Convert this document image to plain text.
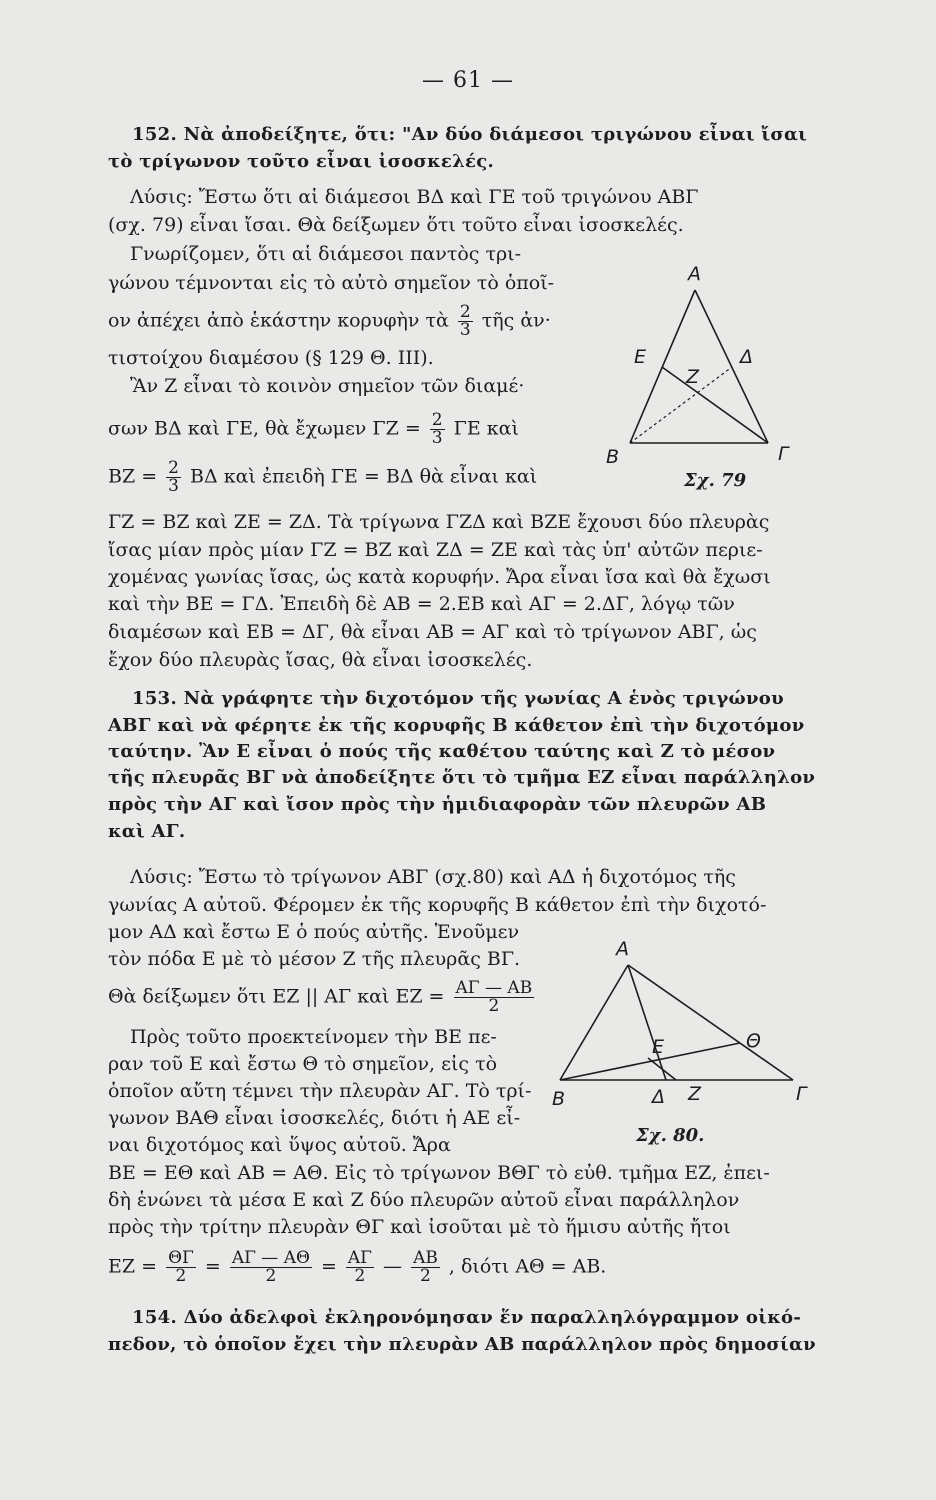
— 61 —
152. Νὰ ἀποδείξητε, ὅτι: "Αν δύο διάμεσοι τριγώνου εἶναι ἴσαι
τὸ τρίγωνον τοῦτο εἶναι ἰσοσκελές.
Λύσις: Ἔστω ὅτι αἱ διάμεσοι ΒΔ καὶ ΓΕ τοῦ τριγώνου ΑΒΓ
(σχ. 79) εἶναι ἴσαι. Θὰ δείξωμεν ὅτι τοῦτο εἶναι ἰσοσκελές.
Γνωρίζομεν, ὅτι αἱ διάμεσοι παντὸς τρι-
γώνου τέμνονται εἰς τὸ αὐτὸ σημεῖον τὸ ὁποῖ-
ον ἀπέχει ἀπὸ ἑκάστην κορυφὴν τὰ $\frac{2}{3}$ τῆς ἀν·
τιστοίχου διαμέσου (§ 129 Θ. ΙΙΙ).
Ἂν Ζ εἶναι τὸ κοινὸν σημεῖον τῶν διαμέ·
σων ΒΔ καὶ ΓΕ, θὰ ἔχωμεν $\Gamma Z = \frac{2}{3}$ ΓΕ καὶ
$BZ = \frac{2}{3}$ ΒΔ καὶ ἐπειδὴ ΓΕ = ΒΔ θὰ εἶναι καὶ
ΓΖ = ΒΖ καὶ ΖΕ = ΖΔ. Τὰ τρίγωνα ΓΖΔ καὶ ΒΖΕ ἔχουσι δύο πλευρὰς
ἴσας μίαν πρὸς μίαν ΓΖ = ΒΖ καὶ ΖΔ = ΖΕ καὶ τὰς ὑπ' αὐτῶν περιε-
χομένας γωνίας ἴσας, ὡς κατὰ κορυφήν. Ἄρα εἶναι ἴσα καὶ θὰ ἔχωσι
καὶ τὴν ΒΕ = ΓΔ. Ἐπειδὴ δὲ ΑΒ = 2.ΕΒ καὶ ΑΓ = 2.ΔΓ, λόγῳ τῶν
διαμέσων καὶ ΕΒ = ΔΓ, θὰ εἶναι ΑΒ = ΑΓ καὶ τὸ τρίγωνον ΑΒΓ, ὡς
ἔχον δύο πλευρὰς ἴσας, θὰ εἶναι ἰσοσκελές.
Α
Β	Γ
Δ
Ε
Ζ
Σχ. 79
153. Νὰ γράφητε τὴν διχοτόμον τῆς γωνίας Α ἑνὸς τριγώνου
ΑΒΓ καὶ νὰ φέρητε ἐκ τῆς κορυφῆς Β κάθετον ἐπὶ τὴν διχοτόμον
ταύτην. Ἂν Ε εἶναι ὁ πούς τῆς καθέτου ταύτης καὶ Ζ τὸ μέσον
τῆς πλευρᾶς ΒΓ νὰ ἀποδείξητε ὅτι τὸ τμῆμα ΕΖ εἶναι παράλληλον
πρὸς τὴν ΑΓ καὶ ἴσον πρὸς τὴν ἡμιδιαφορὰν τῶν πλευρῶν ΑΒ
καὶ ΑΓ.
Λύσις: Ἔστω τὸ τρίγωνον ΑΒΓ (σχ.80) καὶ ΑΔ ἡ διχοτόμος τῆς
γωνίας Α αὐτοῦ. Φέρομεν ἐκ τῆς κορυφῆς Β κάθετον ἐπὶ τὴν διχοτό-
μον ΑΔ καὶ ἔστω Ε ὁ πούς αὐτῆς. Ἑνοῦμεν
τὸν πόδα Ε μὲ τὸ μέσον Ζ τῆς πλευρᾶς ΒΓ.
Θὰ δείξωμεν ὅτι ΕΖ || ΑΓ καὶ $EZ = \frac{A\Gamma — AB}{2}$
Πρὸς τοῦτο προεκτείνομεν τὴν ΒΕ πε-
ραν τοῦ Ε καὶ ἔστω Θ τὸ σημεῖον, εἰς τὸ
ὁποῖον αὔτη τέμνει τὴν πλευρὰν ΑΓ. Τὸ τρί-
γωνον ΒΑΘ εἶναι ἰσοσκελές, διότι ἡ ΑΕ εἶ-
ναι διχοτόμος καὶ ὕψος αὐτοῦ. Ἄρα
ΒΕ = ΕΘ καὶ ΑΒ = ΑΘ. Εἰς τὸ τρίγωνον ΒΘΓ τὸ εὐθ. τμῆμα ΕΖ, ἐπει-
δὴ ἑνώνει τὰ μέσα Ε καὶ Ζ δύο πλευρῶν αὐτοῦ εἶναι παράλληλον
πρὸς τὴν τρίτην πλευρὰν ΘΓ καὶ ἰσοῦται μὲ τὸ ἥμισυ αὐτῆς ἤτοι
$EZ = \frac{\Theta\Gamma}{2} = \frac{A\Gamma — A\Theta}{2} = \frac{A\Gamma}{2}$ — $\frac{AB}{2}$ , διότι ΑΘ = ΑΒ.
Α
Β	Γ
Δ
Ε
Ζ
Θ
Σχ. 80.
154. Δύο ἀδελφοὶ ἐκληρονόμησαν ἕν παραλληλόγραμμον οἰκό-
πεδον, τὸ ὁποῖον ἔχει τὴν πλευρὰν ΑΒ παράλληλον πρὸς δημοσίαν
